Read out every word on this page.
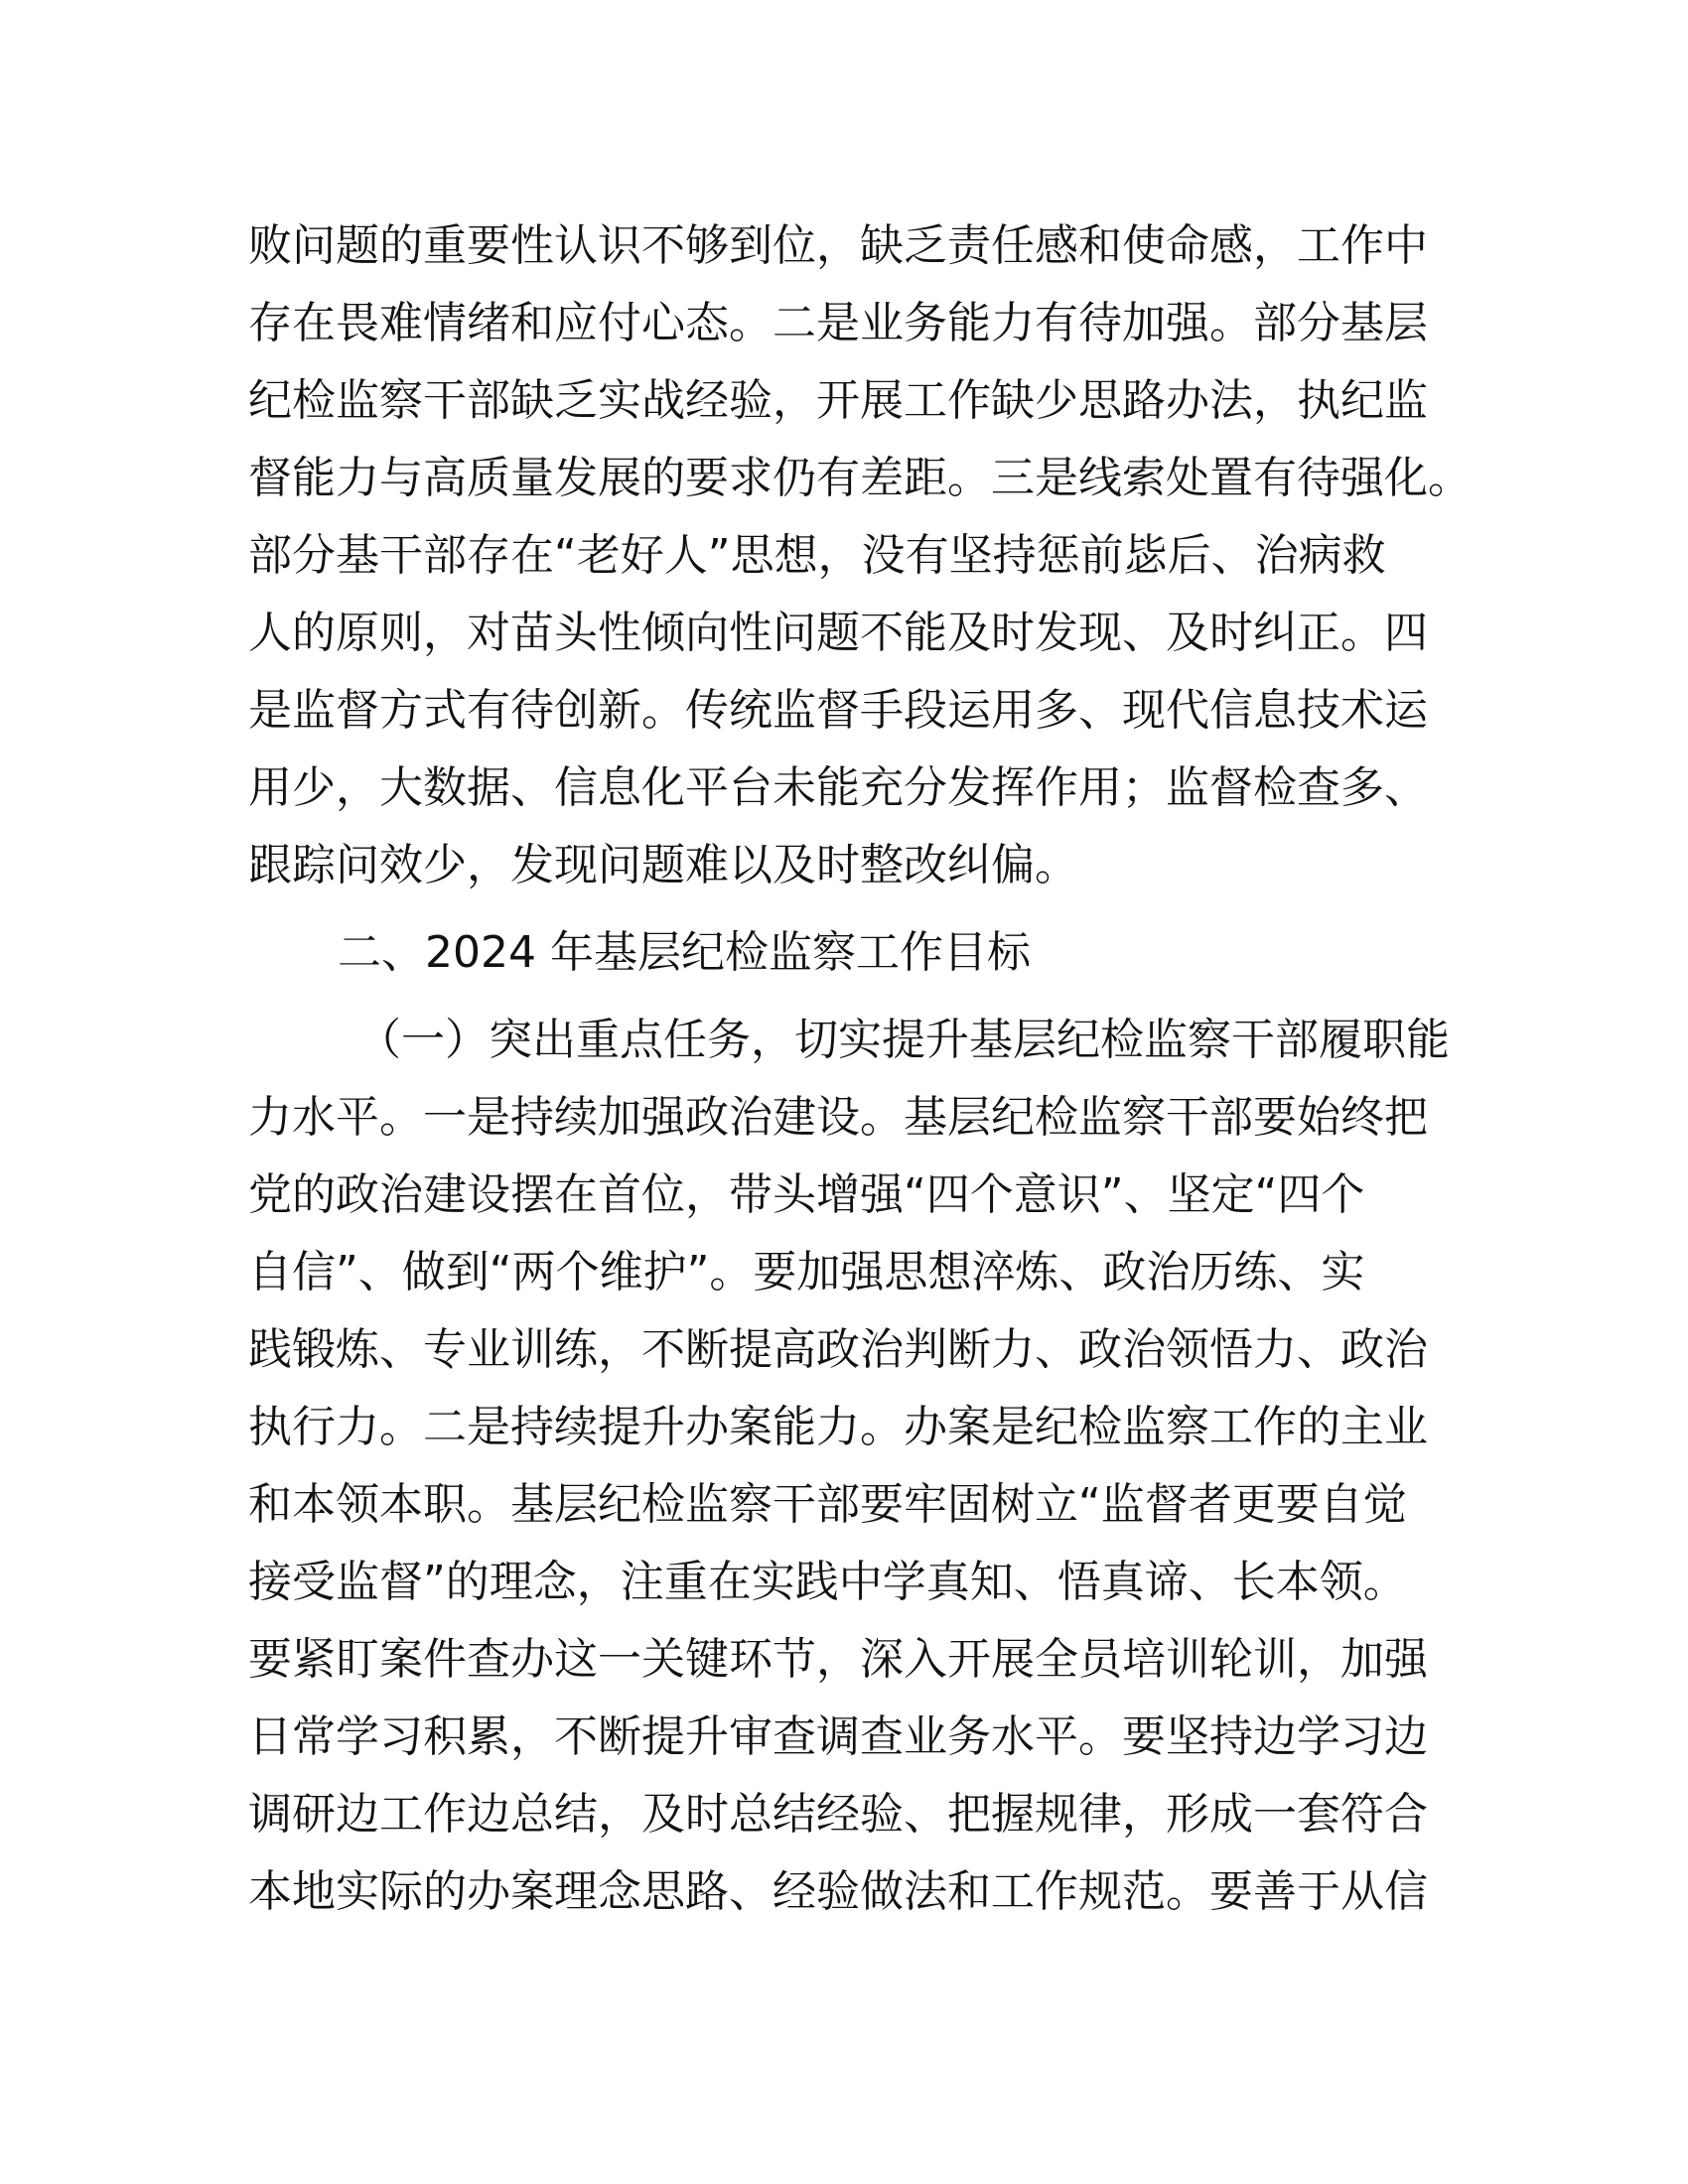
败问题的重要性认识不够到位，缺乏责任感和使命感，工作中
存在畏难情绪和应付心态。二是业务能力有待加强。部分基层
纪检监察干部缺乏实战经验，开展工作缺少思路办法，执纪监
督能力与高质量发展的要求仍有差距。三是线索处置有待强化。
部分基干部存在“老好人”思想，没有坚持惩前毖后、治病救
人的原则，对苗头性倾向性问题不能及时发现、及时纠正。四
是监督方式有待创新。传统监督手段运用多、现代信息技术运
用少，大数据、信息化平台未能充分发挥作用；监督检查多、
跟踪问效少，发现问题难以及时整改纠偏。
二、2024 年基层纪检监察工作目标
（一）突出重点任务，切实提升基层纪检监察干部履职能
力水平。一是持续加强政治建设。基层纪检监察干部要始终把
党的政治建设摆在首位，带头增强“四个意识”、坚定“四个
自信”、做到“两个维护”。要加强思想淬炼、政治历练、实
践锻炼、专业训练，不断提高政治判断力、政治领悟力、政治
执行力。二是持续提升办案能力。办案是纪检监察工作的主业
和本领本职。基层纪检监察干部要牢固树立“监督者更要自觉
接受监督”的理念，注重在实践中学真知、悟真谛、长本领。
要紧盯案件查办这一关键环节，深入开展全员培训轮训，加强
日常学习积累，不断提升审查调查业务水平。要坚持边学习边
调研边工作边总结，及时总结经验、把握规律，形成一套符合
本地实际的办案理念思路、经验做法和工作规范。要善于从信
